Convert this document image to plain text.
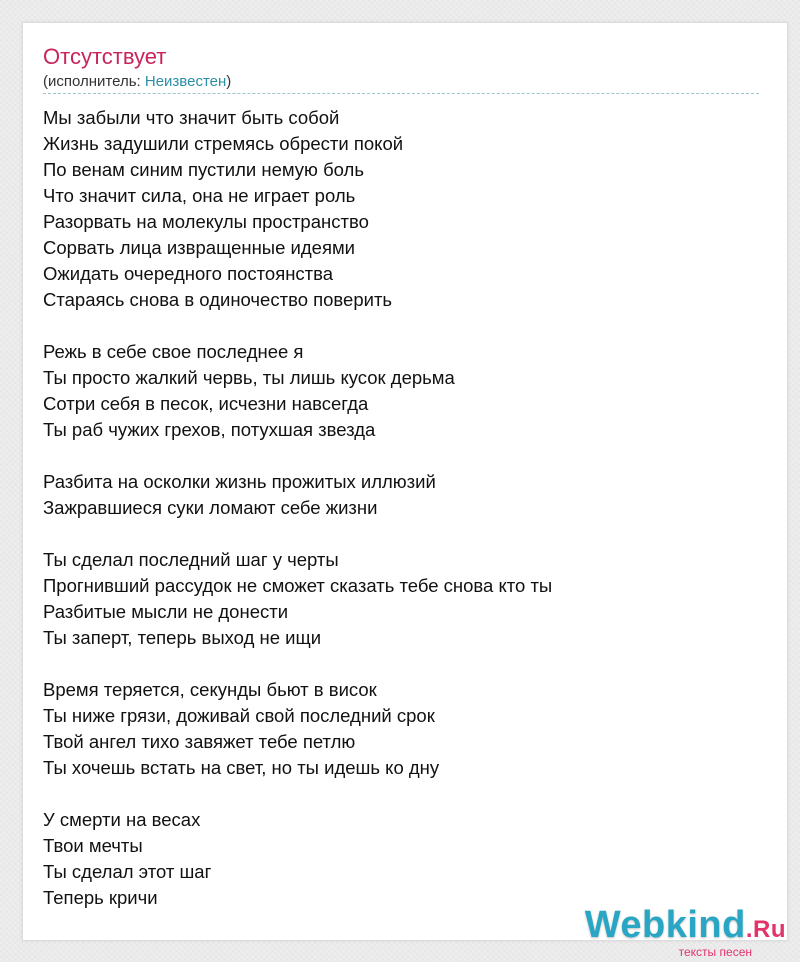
Отсутствует
(исполнитель: Неизвестен)
Мы забыли что значит быть собой
Жизнь задушили стремясь обрести покой
По венам синим пустили немую боль
Что значит сила, она не играет роль
Разорвать на молекулы пространство
Сорвать лица извращенные идеями
Ожидать очередного постоянства
Стараясь снова в одиночество поверить
Режь в себе свое последнее я
Ты просто жалкий червь, ты лишь кусок дерьма
Сотри себя в песок, исчезни навсегда
Ты раб чужих грехов, потухшая звезда
Разбита на осколки жизнь прожитых иллюзий
Зажравшиеся суки ломают себе жизни
Ты сделал последний шаг у черты
Прогнивший рассудок не сможет сказать тебе снова кто ты
Разбитые мысли не донести
Ты заперт, теперь выход не ищи
Время теряется, секунды бьют в висок
Ты ниже грязи, доживай свой последний срок
Твой ангел тихо завяжет тебе петлю
Ты хочешь встать на свет, но ты идешь ко дну
У смерти на весах
Твои мечты
Ты сделал этот шаг
Теперь кричи
Webkind.Ru
тексты песен
